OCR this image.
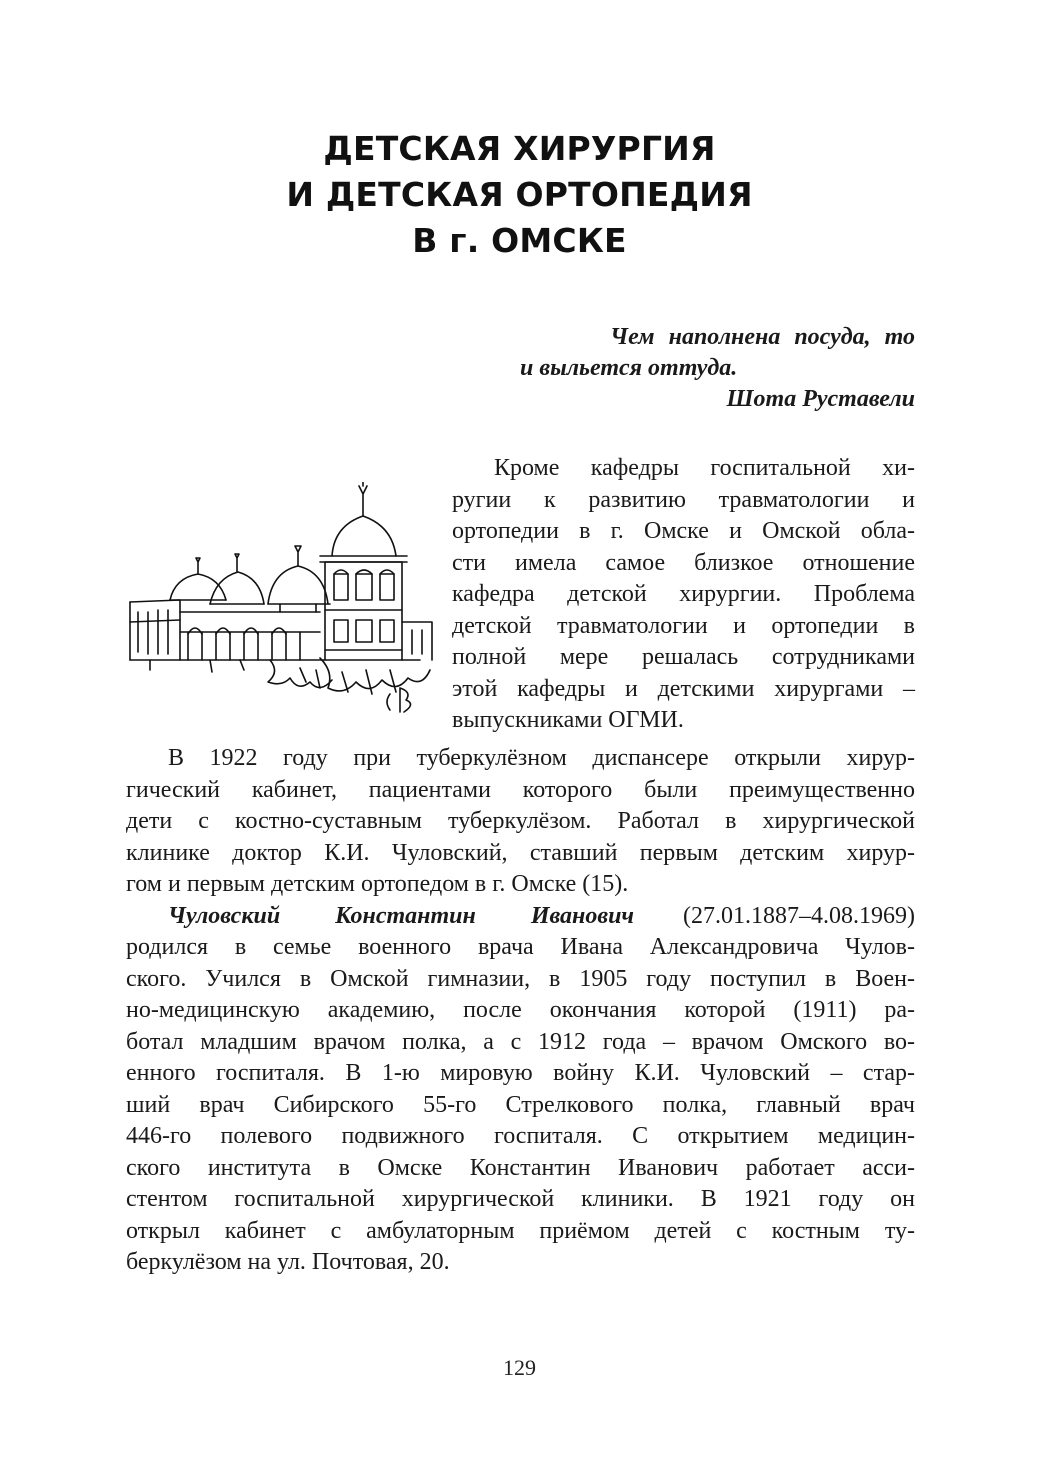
ДЕТСКАЯ ХИРУРГИЯ
И ДЕТСКАЯ ОРТОПЕДИЯ
В г. ОМСКЕ
Чем наполнена посуда, то
и выльется оттуда.
Шота Руставели
Кроме кафедры госпитальной хи-
ругии к развитию травматологии и
ортопедии в г. Омске и Омской обла-
сти имела самое близкое отношение
кафедра детской хирургии. Проблема
детской травматологии и ортопедии в
полной мере решалась сотрудниками
этой кафедры и детскими хирургами –
выпускниками ОГМИ.
В 1922 году при туберкулёзном диспансере открыли хирур-
гический кабинет, пациентами которого были преимущественно
дети с костно-суставным туберкулёзом. Работал в хирургической
клинике доктор К.И. Чуловский, ставший первым детским хирур-
гом и первым детским ортопедом в г. Омске (15).
Чуловский Константин Иванович (27.01.1887–4.08.1969)
родился в семье военного врача Ивана Александровича Чулов-
ского. Учился в Омской гимназии, в 1905 году поступил в Воен-
но-медицинскую академию, после окончания которой (1911) ра-
ботал младшим врачом полка, а с 1912 года – врачом Омского во-
енного госпиталя. В 1-ю мировую войну К.И. Чуловский – стар-
ший врач Сибирского 55-го Стрелкового полка, главный врач
446-го полевого подвижного госпиталя. С открытием медицин-
ского института в Омске Константин Иванович работает асси-
стентом госпитальной хирургической клиники. В 1921 году он
открыл кабинет с амбулаторным приёмом детей с костным ту-
беркулёзом на ул. Почтовая, 20.
129
